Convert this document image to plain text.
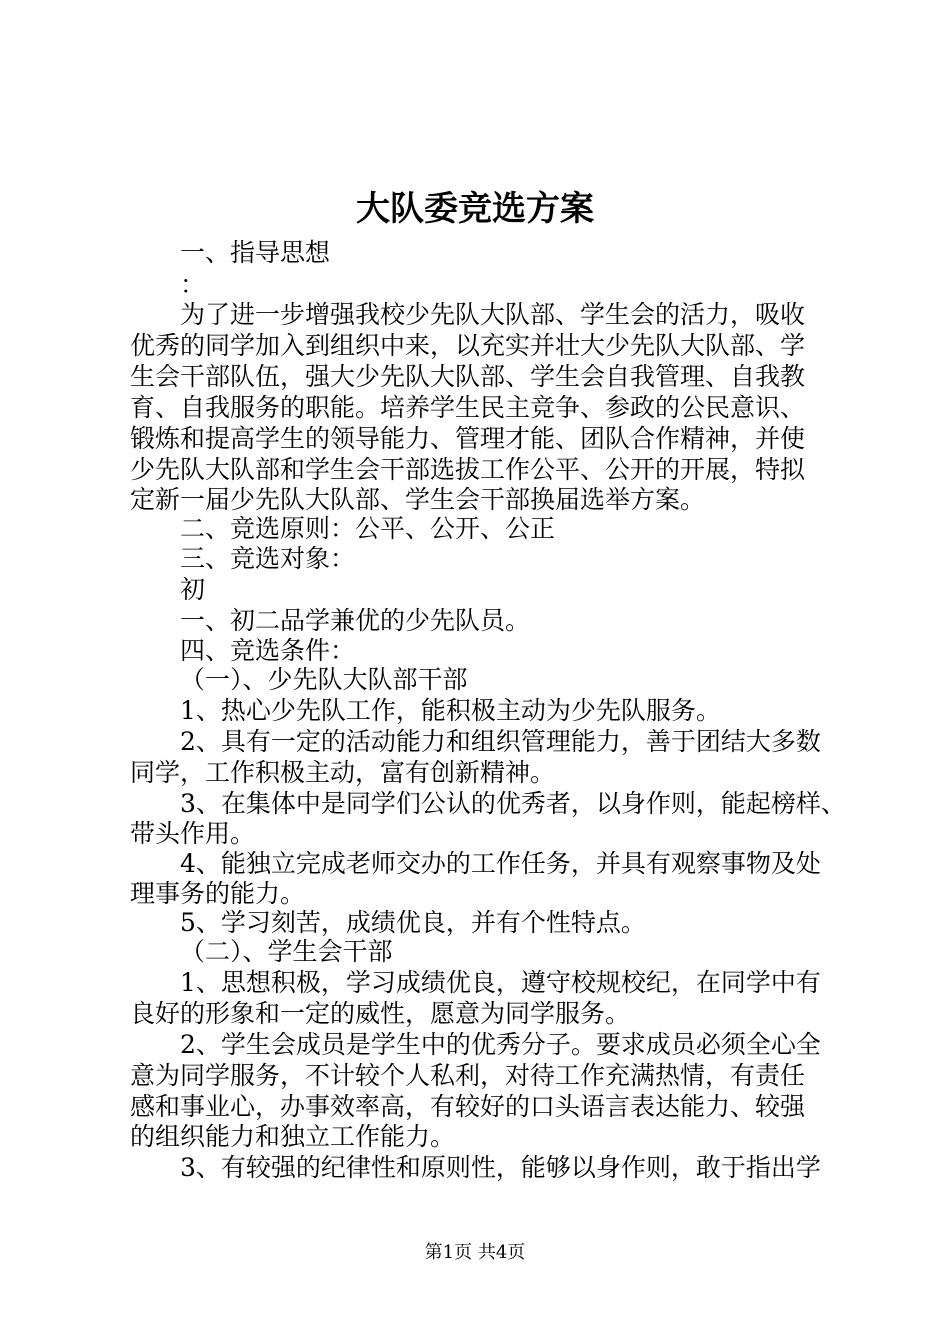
大队委竞选方案
一、指导思想
：
为了进一步增强我校少先队大队部、学生会的活力，吸收
优秀的同学加入到组织中来，以充实并壮大少先队大队部、学
生会干部队伍，强大少先队大队部、学生会自我管理、自我教
育、自我服务的职能。培养学生民主竞争、参政的公民意识、
锻炼和提高学生的领导能力、管理才能、团队合作精神，并使
少先队大队部和学生会干部选拔工作公平、公开的开展，特拟
定新一届少先队大队部、学生会干部换届选举方案。
二、竞选原则：公平、公开、公正
三、竞选对象：
初
一、初二品学兼优的少先队员。
四、竞选条件：
（一）、少先队大队部干部
1、热心少先队工作，能积极主动为少先队服务。
2、具有一定的活动能力和组织管理能力，善于团结大多数
同学，工作积极主动，富有创新精神。
3、在集体中是同学们公认的优秀者，以身作则，能起榜样、
带头作用。
4、能独立完成老师交办的工作任务，并具有观察事物及处
理事务的能力。
5、学习刻苦，成绩优良，并有个性特点。
（二）、学生会干部
1、思想积极，学习成绩优良，遵守校规校纪，在同学中有
良好的形象和一定的威性，愿意为同学服务。
2、学生会成员是学生中的优秀分子。要求成员必须全心全
意为同学服务，不计较个人私利，对待工作充满热情，有责任
感和事业心，办事效率高，有较好的口头语言表达能力、较强
的组织能力和独立工作能力。
3、有较强的纪律性和原则性，能够以身作则，敢于指出学
第1页 共4页
